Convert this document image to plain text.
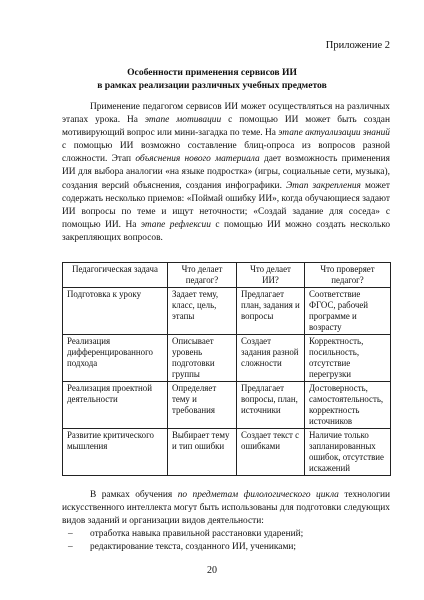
Приложение 2
Особенности применения сервисов ИИ
в рамках реализации различных учебных предметов

Применение педагогом сервисов ИИ может осуществляться на различных этапах урока. На этапе мотивации с помощью ИИ может быть создан мотивирующий вопрос или мини-загадка по теме. На этапе актуализации знаний с помощью ИИ возможно составление блиц-опроса из вопросов разной сложности. Этап объяснения нового материала дает возможность применения ИИ для выбора аналогии «на языке подростка» (игры, социальные сети, музыка), создания версий объяснения, создания инфографики. Этап закрепления может содержать несколько приемов: «Поймай ошибку ИИ», когда обучающиеся задают ИИ вопросы по теме и ищут неточности; «Создай задание для соседа» с помощью ИИ. На этапе рефлексии с помощью ИИ можно создать несколько закрепляющих вопросов.

Педагогическая задача	Что делает педагог?	Что делает ИИ?	Что проверяет педагог?
Подготовка к уроку	Задает тему, класс, цель, этапы	Предлагает план, задания и вопросы	Соответствие ФГОС, рабочей программе и возрасту
Реализация дифференцированного подхода	Описывает уровень подготовки группы	Создает задания разной сложности	Корректность, посильность, отсутствие перегрузки
Реализация проектной деятельности	Определяет тему и требования	Предлагает вопросы, план, источники	Достоверность, самостоятельность, корректность источников
Развитие критического мышления	Выбирает тему и тип ошибки	Создает текст с ошибками	Наличие только запланированных ошибок, отсутствие искажений

В рамках обучения по предметам филологического цикла технологии искусственного интеллекта могут быть использованы для подготовки следующих видов заданий и организации видов деятельности:

–	отработка навыка правильной расстановки ударений;
–	редактирование текста, созданного ИИ, учениками;
20
